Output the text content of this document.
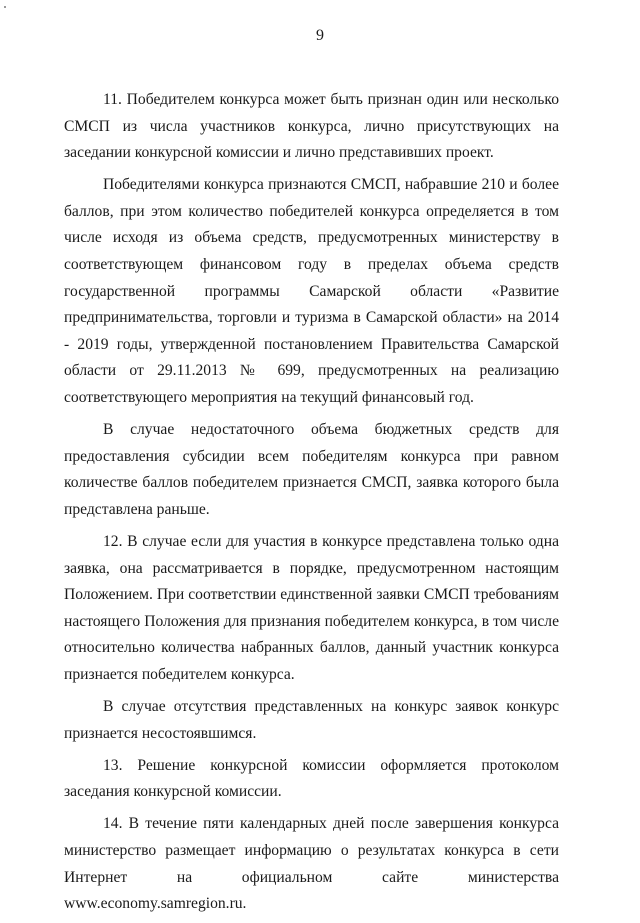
9

11. Победителем конкурса может быть признан один или несколько СМСП из числа участников конкурса, лично присутствующих на заседании конкурсной комиссии и лично представивших проект.

Победителями конкурса признаются СМСП, набравшие 210 и более баллов, при этом количество победителей конкурса определяется в том числе исходя из объема средств, предусмотренных министерству в соответствующем финансовом году в пределах объема средств государственной программы Самарской области «Развитие предпринимательства, торговли и туризма в Самарской области» на 2014 - 2019 годы, утвержденной постановлением Правительства Самарской области от 29.11.2013 № 699, предусмотренных на реализацию соответствующего мероприятия на текущий финансовый год.

В случае недостаточного объема бюджетных средств для предоставления субсидии всем победителям конкурса при равном количестве баллов победителем признается СМСП, заявка которого была представлена раньше.

12. В случае если для участия в конкурсе представлена только одна заявка, она рассматривается в порядке, предусмотренном настоящим Положением. При соответствии единственной заявки СМСП требованиям настоящего Положения для признания победителем конкурса, в том числе относительно количества набранных баллов, данный участник конкурса признается победителем конкурса.

В случае отсутствия представленных на конкурс заявок конкурс признается несостоявшимся.

13. Решение конкурсной комиссии оформляется протоколом заседания конкурсной комиссии.

14. В течение пяти календарных дней после завершения конкурса министерство размещает информацию о результатах конкурса в сети Интернет на официальном сайте министерства www.economy.samregion.ru.
